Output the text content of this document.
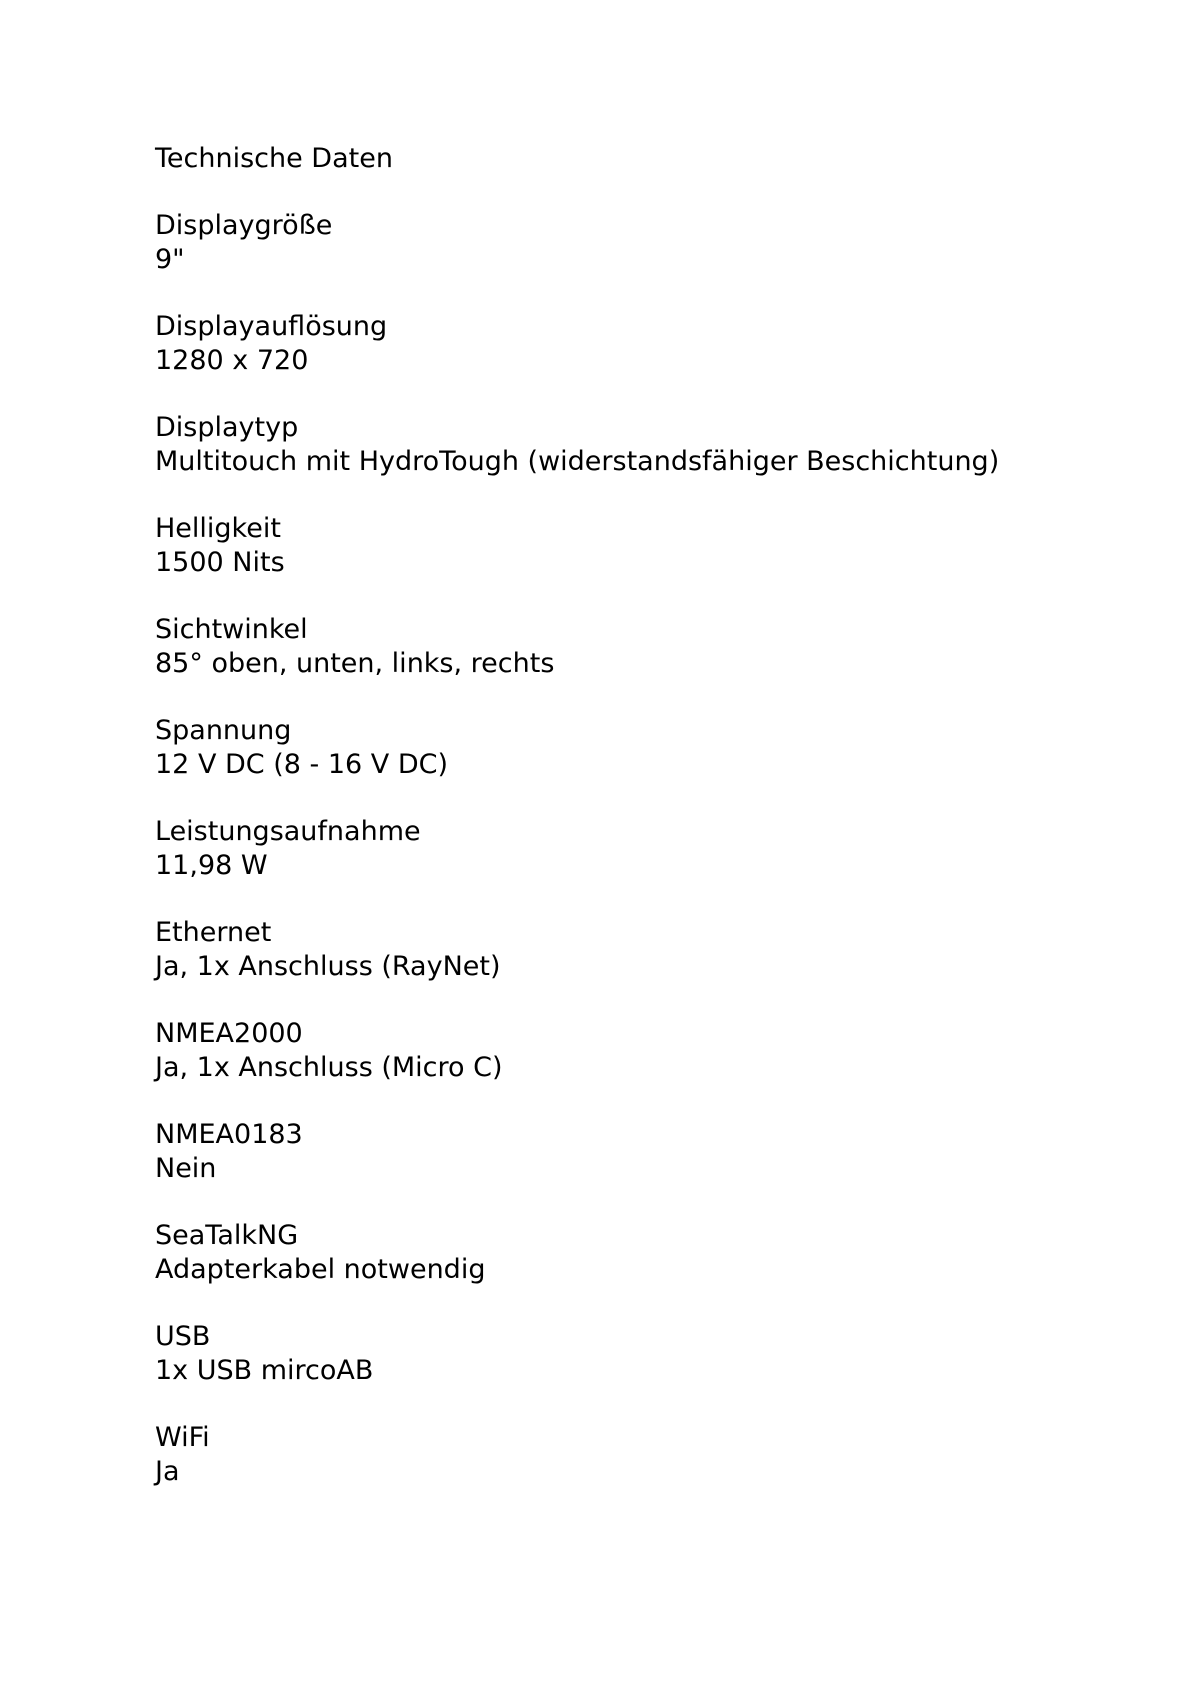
Technische Daten
Displaygröße
9"
Displayauflösung
1280 x 720
Displaytyp
Multitouch mit HydroTough (widerstandsfähiger Beschichtung)
Helligkeit
1500 Nits
Sichtwinkel
85° oben, unten, links, rechts
Spannung
12 V DC (8 - 16 V DC)
Leistungsaufnahme
11,98 W
Ethernet
Ja, 1x Anschluss (RayNet)
NMEA2000
Ja, 1x Anschluss (Micro C)
NMEA0183
Nein
SeaTalkNG
Adapterkabel notwendig
USB
1x USB mircoAB
WiFi
Ja
